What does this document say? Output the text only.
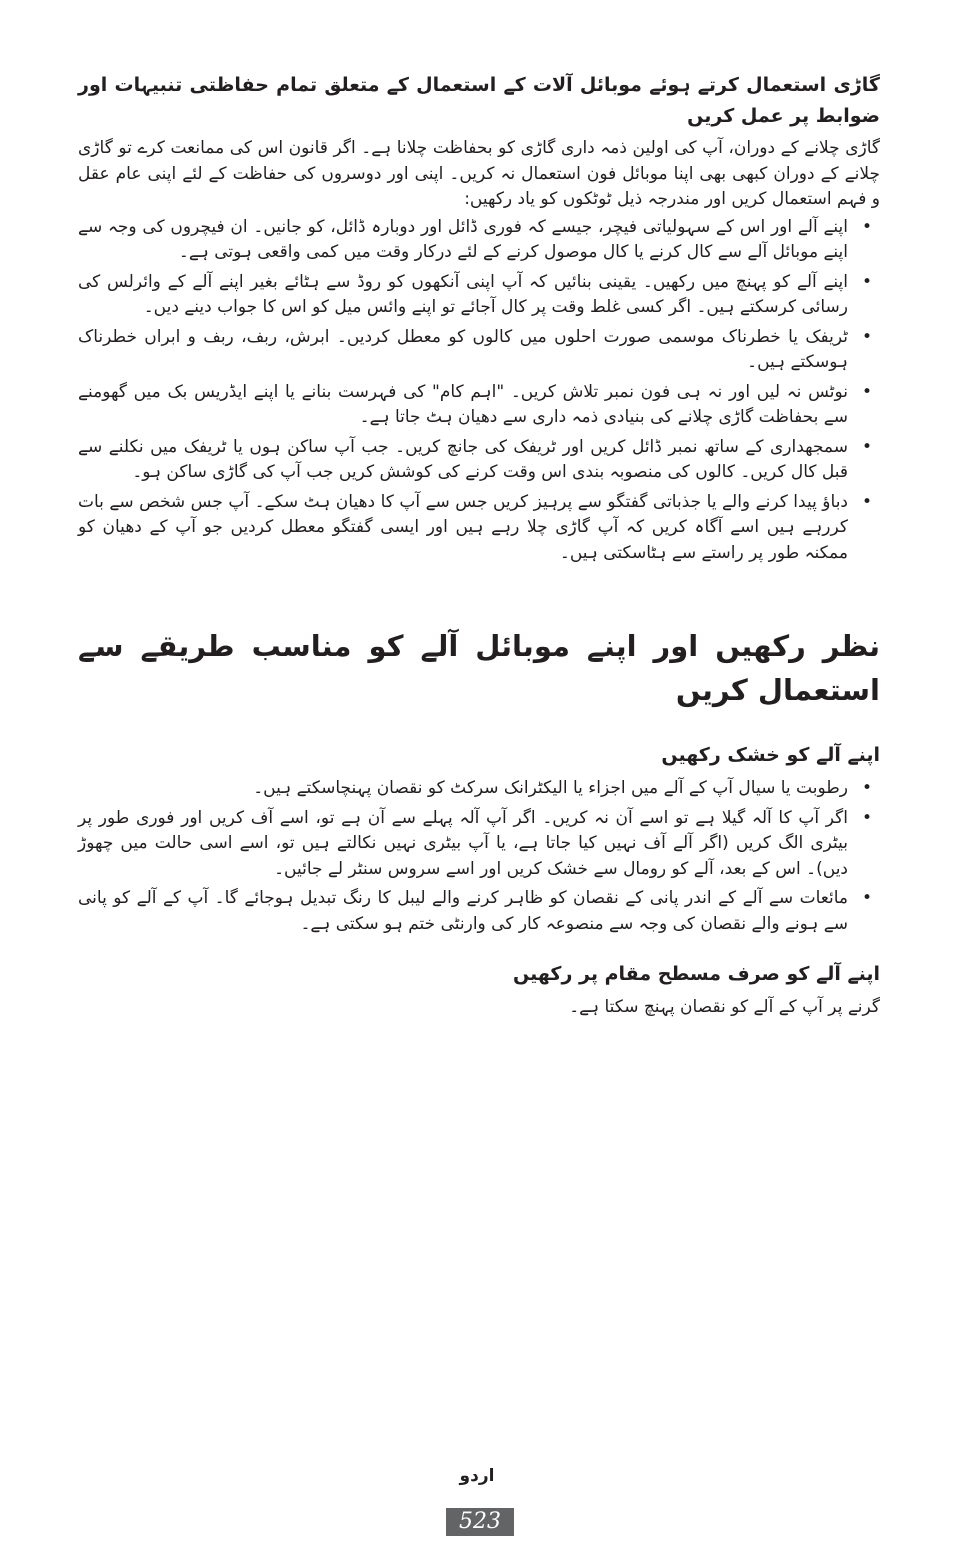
گاڑی استعمال کرتے ہوئے موبائل آلات کے استعمال کے متعلق تمام حفاظتی تنبیہات اور ضوابط پر عمل کریں
گاڑی چلانے کے دوران، آپ کی اولین ذمہ داری گاڑی کو بحفاظت چلانا ہے۔ اگر قانون اس کی ممانعت کرے تو گاڑی چلانے کے دوران کبھی بھی اپنا موبائل فون استعمال نہ کریں۔ اپنی اور دوسروں کی حفاظت کے لئے اپنی عام عقل و فہم استعمال کریں اور مندرجہ ذیل ٹوٹکوں کو یاد رکھیں:
•
اپنے آلے اور اس کے سہولیاتی فیچر، جیسے کہ فوری ڈائل اور دوبارہ ڈائل، کو جانیں۔ ان فیچروں کی وجہ سے اپنے موبائل آلے سے کال کرنے یا کال موصول کرنے کے لئے درکار وقت میں کمی واقعی ہوتی ہے۔
•
اپنے آلے کو پہنچ میں رکھیں۔ یقینی بنائیں کہ آپ اپنی آنکھوں کو روڈ سے ہٹائے بغیر اپنے آلے کے وائرلس کی رسائی کرسکتے ہیں۔ اگر کسی غلط وقت پر کال آجائے تو اپنے وائس میل کو اس کا جواب دینے دیں۔
•
ٹریفک یا خطرناک موسمی صورت احلوں میں کالوں کو معطل کردیں۔ ابرش، ربف، ربف و ابراں خطرناک ہوسکتے ہیں۔
•
نوٹس نہ لیں اور نہ ہی فون نمبر تلاش کریں۔ "اہم کام" کی فہرست بنانے یا اپنے ایڈریس بک میں گھومنے سے بحفاظت گاڑی چلانے کی بنیادی ذمہ داری سے دھیان ہٹ جاتا ہے۔
•
سمجھداری کے ساتھ نمبر ڈائل کریں اور ٹریفک کی جانچ کریں۔ جب آپ ساکن ہوں یا ٹریفک میں نکلنے سے قبل کال کریں۔ کالوں کی منصوبہ بندی اس وقت کرنے کی کوشش کریں جب آپ کی گاڑی ساکن ہو۔
•
دباؤ پیدا کرنے والے یا جذباتی گفتگو سے پرہیز کریں جس سے آپ کا دھیان ہٹ سکے۔ آپ جس شخص سے بات کررہے ہیں اسے آگاہ کریں کہ آپ گاڑی چلا رہے ہیں اور ایسی گفتگو معطل کردیں جو آپ کے دھیان کو ممکنہ طور پر راستے سے ہٹاسکتی ہیں۔
نظر رکھیں اور اپنے موبائل آلے کو مناسب طریقے سے استعمال کریں
اپنے آلے کو خشک رکھیں
•
رطوبت یا سیال آپ کے آلے میں اجزاء یا الیکٹرانک سرکٹ کو نقصان پہنچاسکتے ہیں۔
•
اگر آپ کا آلہ گیلا ہے تو اسے آن نہ کریں۔ اگر آپ آلہ پہلے سے آن ہے تو، اسے آف کریں اور فوری طور پر بیٹری الگ کریں (اگر آلے آف نہیں کیا جاتا ہے، یا آپ بیٹری نہیں نکالتے ہیں تو، اسے اسی حالت میں چھوڑ دیں)۔ اس کے بعد، آلے کو رومال سے خشک کریں اور اسے سروس سنٹر لے جائیں۔
•
مائعات سے آلے کے اندر پانی کے نقصان کو ظاہر کرنے والے لیبل کا رنگ تبدیل ہوجائے گا۔ آپ کے آلے کو پانی سے ہونے والے نقصان کی وجہ سے منصوعہ کار کی وارنٹی ختم ہو سکتی ہے۔
اپنے آلے کو صرف مسطح مقام پر رکھیں
گرنے پر آپ کے آلے کو نقصان پہنچ سکتا ہے۔
اردو
523
